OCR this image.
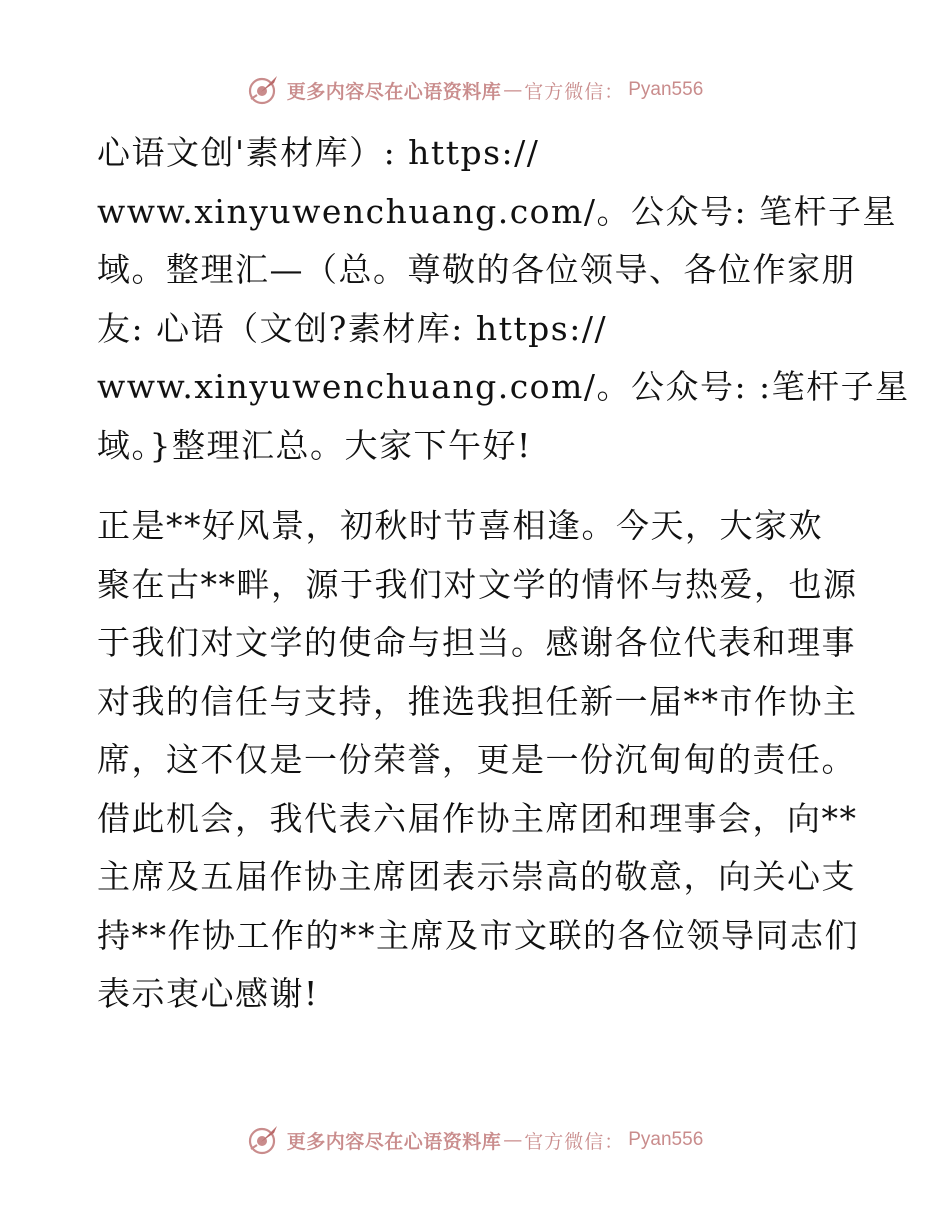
更多内容尽在心语资料库 — 官方微信： Pyan556
心语文创'素材库）: https://
www.xinyuwenchuang.com/。公众号: 笔杆子星
域。整理汇—（总。尊敬的各位领导、各位作家朋
友: 心语（文创?素材库: https://
www.xinyuwenchuang.com/。公众号: :笔杆子星
域。}整理汇总。大家下午好!
正是**好风景，初秋时节喜相逢。今天，大家欢
聚在古**畔，源于我们对文学的情怀与热爱，也源
于我们对文学的使命与担当。感谢各位代表和理事
对我的信任与支持，推选我担任新一届**市作协主
席，这不仅是一份荣誉，更是一份沉甸甸的责任。
借此机会，我代表六届作协主席团和理事会，向**
主席及五届作协主席团表示崇高的敬意，向关心支
持**作协工作的**主席及市文联的各位领导同志们
表示衷心感谢!
更多内容尽在心语资料库 — 官方微信： Pyan556
